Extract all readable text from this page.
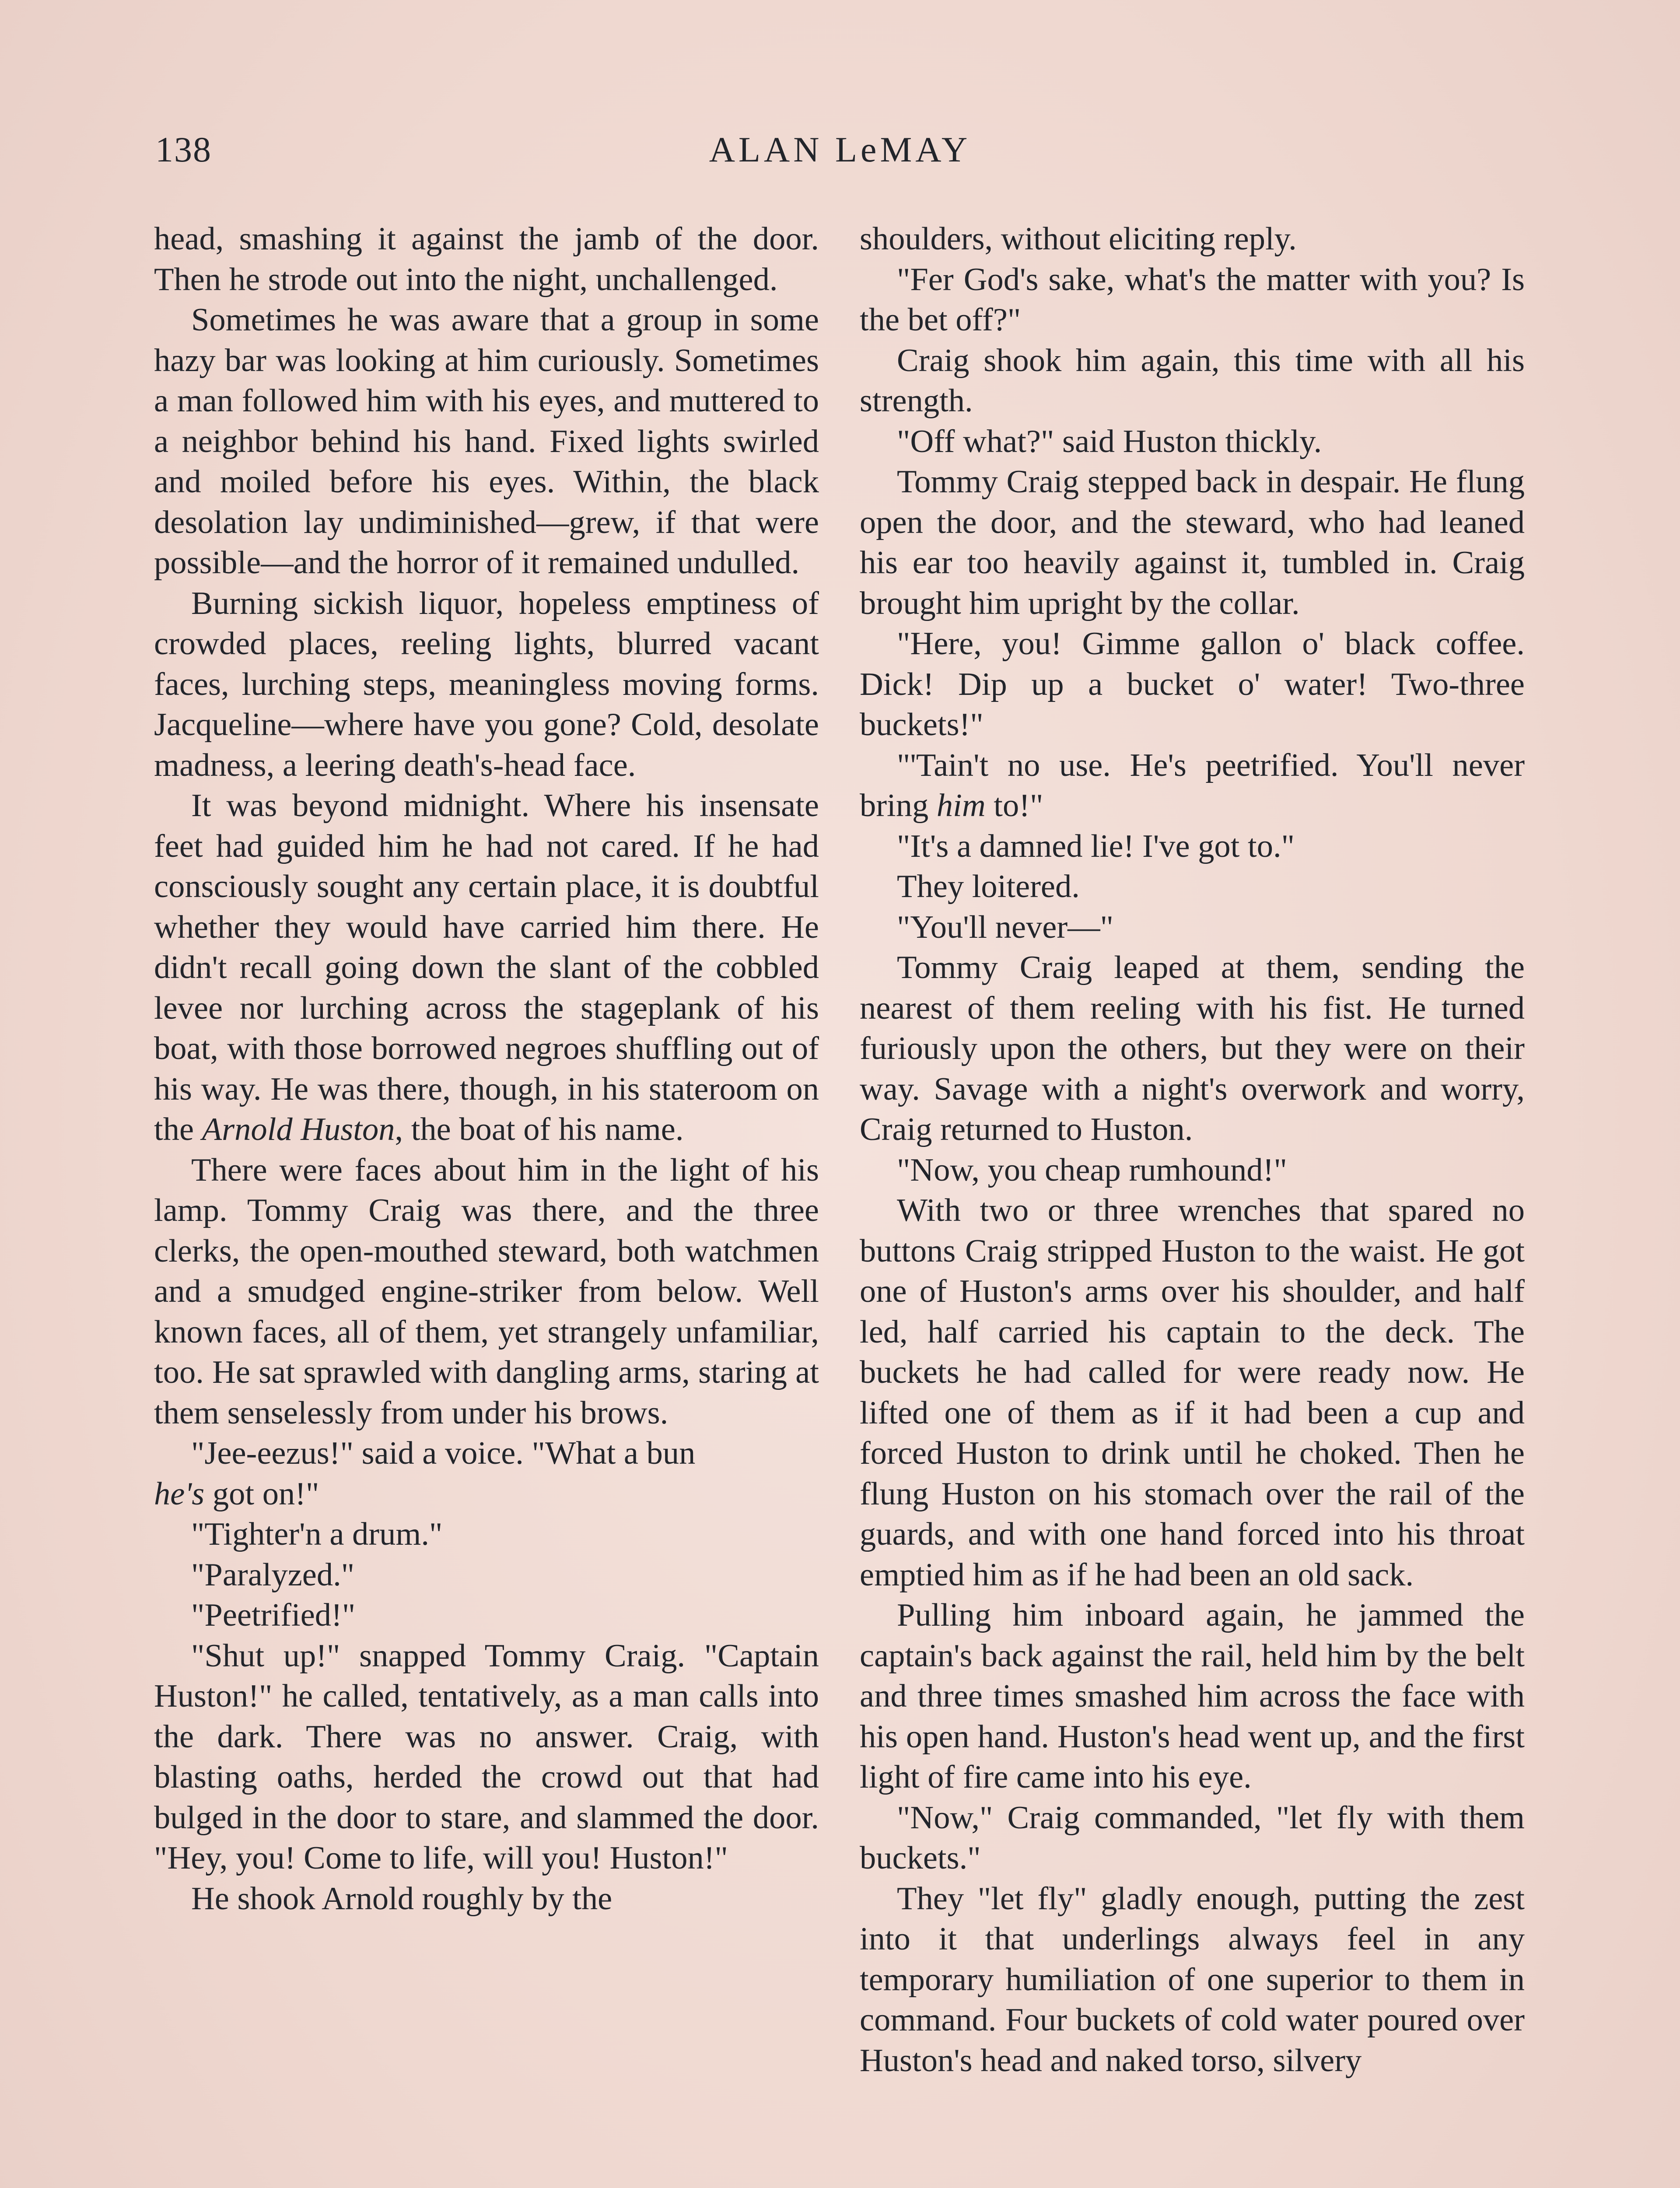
138	ALAN LeMAY

head, smashing it against the jamb of the door. Then he strode out into the night, unchallenged.

Sometimes he was aware that a group in some hazy bar was looking at him curiously. Sometimes a man followed him with his eyes, and muttered to a neighbor behind his hand. Fixed lights swirled and moiled before his eyes. Within, the black desolation lay undiminished—grew, if that were possible—and the horror of it remained undulled.

Burning sickish liquor, hopeless emptiness of crowded places, reeling lights, blurred vacant faces, lurching steps, meaningless moving forms. Jacqueline—where have you gone? Cold, desolate madness, a leering death's-head face.

It was beyond midnight. Where his insensate feet had guided him he had not cared. If he had consciously sought any certain place, it is doubtful whether they would have carried him there. He didn't recall going down the slant of the cobbled levee nor lurching across the stageplank of his boat, with those borrowed negroes shuffling out of his way. He was there, though, in his stateroom on the Arnold Huston, the boat of his name.

There were faces about him in the light of his lamp. Tommy Craig was there, and the three clerks, the open-mouthed steward, both watchmen and a smudged engine-striker from below. Well known faces, all of them, yet strangely unfamiliar, too. He sat sprawled with dangling arms, staring at them senselessly from under his brows.

"Jee-eezus!" said a voice. "What a bun
he's got on!"

"Tighter'n a drum."

"Paralyzed."

"Peetrified!"

"Shut up!" snapped Tommy Craig. "Captain Huston!" he called, tentatively, as a man calls into the dark. There was no answer. Craig, with blasting oaths, herded the crowd out that had bulged in the door to stare, and slammed the door. "Hey, you! Come to life, will you! Huston!"

He shook Arnold roughly by the

shoulders, without eliciting reply.

"Fer God's sake, what's the matter with you? Is the bet off?"

Craig shook him again, this time with all his strength.

"Off what?" said Huston thickly.

Tommy Craig stepped back in despair. He flung open the door, and the steward, who had leaned his ear too heavily against it, tumbled in. Craig brought him upright by the collar.

"Here, you! Gimme gallon o' black coffee. Dick! Dip up a bucket o' water! Two-three buckets!"

"'Tain't no use. He's peetrified. You'll never bring him to!"

"It's a damned lie! I've got to."

They loitered.

"You'll never—"

Tommy Craig leaped at them, sending the nearest of them reeling with his fist. He turned furiously upon the others, but they were on their way. Savage with a night's overwork and worry, Craig returned to Huston.

"Now, you cheap rumhound!"

With two or three wrenches that spared no buttons Craig stripped Huston to the waist. He got one of Huston's arms over his shoulder, and half led, half carried his captain to the deck. The buckets he had called for were ready now. He lifted one of them as if it had been a cup and forced Huston to drink until he choked. Then he flung Huston on his stomach over the rail of the guards, and with one hand forced into his throat emptied him as if he had been an old sack.

Pulling him inboard again, he jammed the captain's back against the rail, held him by the belt and three times smashed him across the face with his open hand. Huston's head went up, and the first light of fire came into his eye.

"Now," Craig commanded, "let fly with them buckets."

They "let fly" gladly enough, putting the zest into it that underlings always feel in any temporary humiliation of one superior to them in command. Four buckets of cold water poured over Huston's head and naked torso, silvery
